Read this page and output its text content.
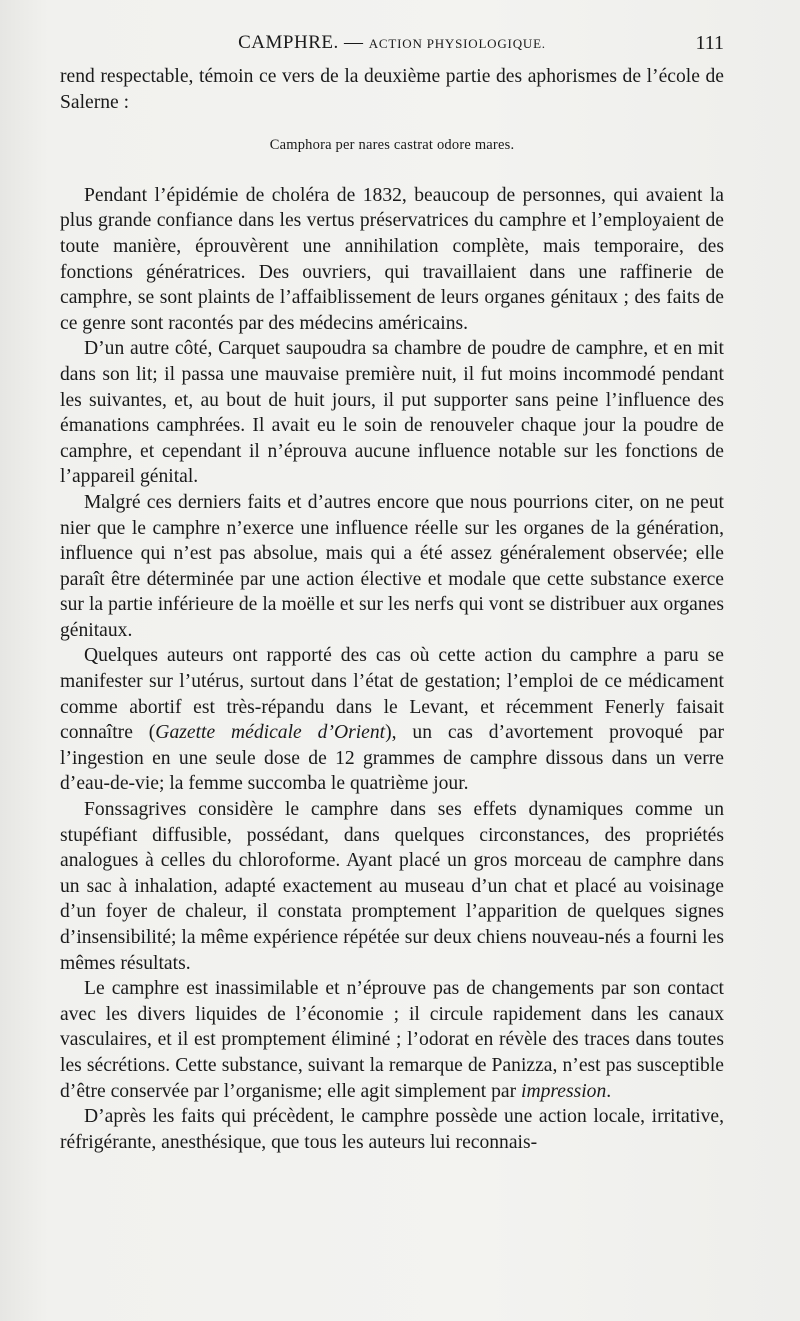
CAMPHRE. — ACTION PHYSIOLOGIQUE.	111

rend respectable, témoin ce vers de la deuxième partie des aphorismes de l’école de Salerne :

Camphora per nares castrat odore mares.

Pendant l’épidémie de choléra de 1832, beaucoup de personnes, qui avaient la plus grande confiance dans les vertus préservatrices du camphre et l’employaient de toute manière, éprouvèrent une annihilation complète, mais temporaire, des fonctions génératrices. Des ouvriers, qui travaillaient dans une raffinerie de camphre, se sont plaints de l’affaiblissement de leurs organes génitaux ; des faits de ce genre sont racontés par des médecins américains.

D’un autre côté, Carquet saupoudra sa chambre de poudre de camphre, et en mit dans son lit; il passa une mauvaise première nuit, il fut moins incommodé pendant les suivantes, et, au bout de huit jours, il put supporter sans peine l’influence des émanations camphrées. Il avait eu le soin de renouveler chaque jour la poudre de camphre, et cependant il n’éprouva aucune influence notable sur les fonctions de l’appareil génital.

Malgré ces derniers faits et d’autres encore que nous pourrions citer, on ne peut nier que le camphre n’exerce une influence réelle sur les organes de la génération, influence qui n’est pas absolue, mais qui a été assez généralement observée; elle paraît être déterminée par une action élective et modale que cette substance exerce sur la partie inférieure de la moëlle et sur les nerfs qui vont se distribuer aux organes génitaux.

Quelques auteurs ont rapporté des cas où cette action du camphre a paru se manifester sur l’utérus, surtout dans l’état de gestation; l’emploi de ce médicament comme abortif est très-répandu dans le Levant, et récemment Fenerly faisait connaître (Gazette médicale d’Orient), un cas d’avortement provoqué par l’ingestion en une seule dose de 12 grammes de camphre dissous dans un verre d’eau-de-vie; la femme succomba le quatrième jour.

Fonssagrives considère le camphre dans ses effets dynamiques comme un stupéfiant diffusible, possédant, dans quelques circonstances, des propriétés analogues à celles du chloroforme. Ayant placé un gros morceau de camphre dans un sac à inhalation, adapté exactement au museau d’un chat et placé au voisinage d’un foyer de chaleur, il constata promptement l’apparition de quelques signes d’insensibilité; la même expérience répétée sur deux chiens nouveau-nés a fourni les mêmes résultats.

Le camphre est inassimilable et n’éprouve pas de changements par son contact avec les divers liquides de l’économie ; il circule rapidement dans les canaux vasculaires, et il est promptement éliminé ; l’odorat en révèle des traces dans toutes les sécrétions. Cette substance, suivant la remarque de Panizza, n’est pas susceptible d’être conservée par l’organisme; elle agit simplement par impression.

D’après les faits qui précèdent, le camphre possède une action locale, irritative, réfrigérante, anesthésique, que tous les auteurs lui reconnais-
